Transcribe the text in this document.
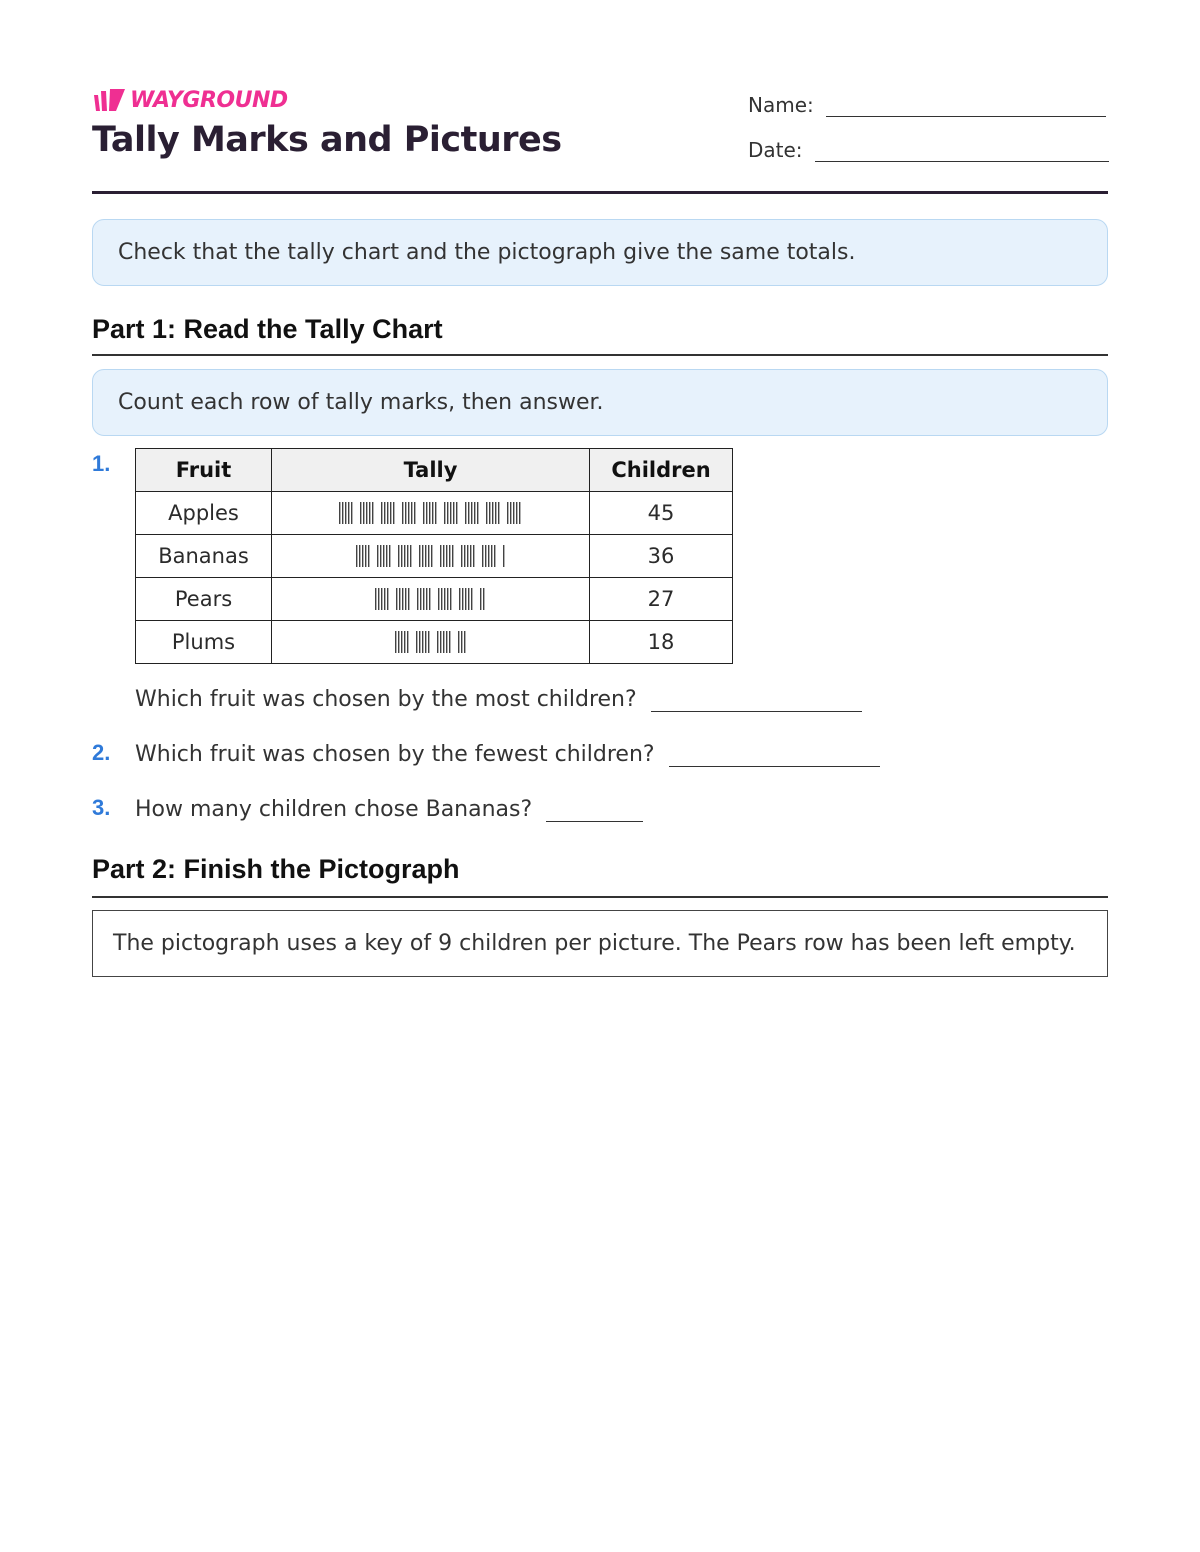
WAYGROUND
Tally Marks and Pictures
Name:
Date:
Check that the tally chart and the pictograph give the same totals.
Part 1: Read the Tally Chart
Count each row of tally marks, then answer.
1.	Fruit	Tally	Children
Apples		45
Bananas		36
Pears		27
Plums		18
Which fruit was chosen by the most children?
2. Which fruit was chosen by the fewest children?
3. How many children chose Bananas?
Part 2: Finish the Pictograph
The pictograph uses a key of 9 children per picture. The Pears row has been left empty.
